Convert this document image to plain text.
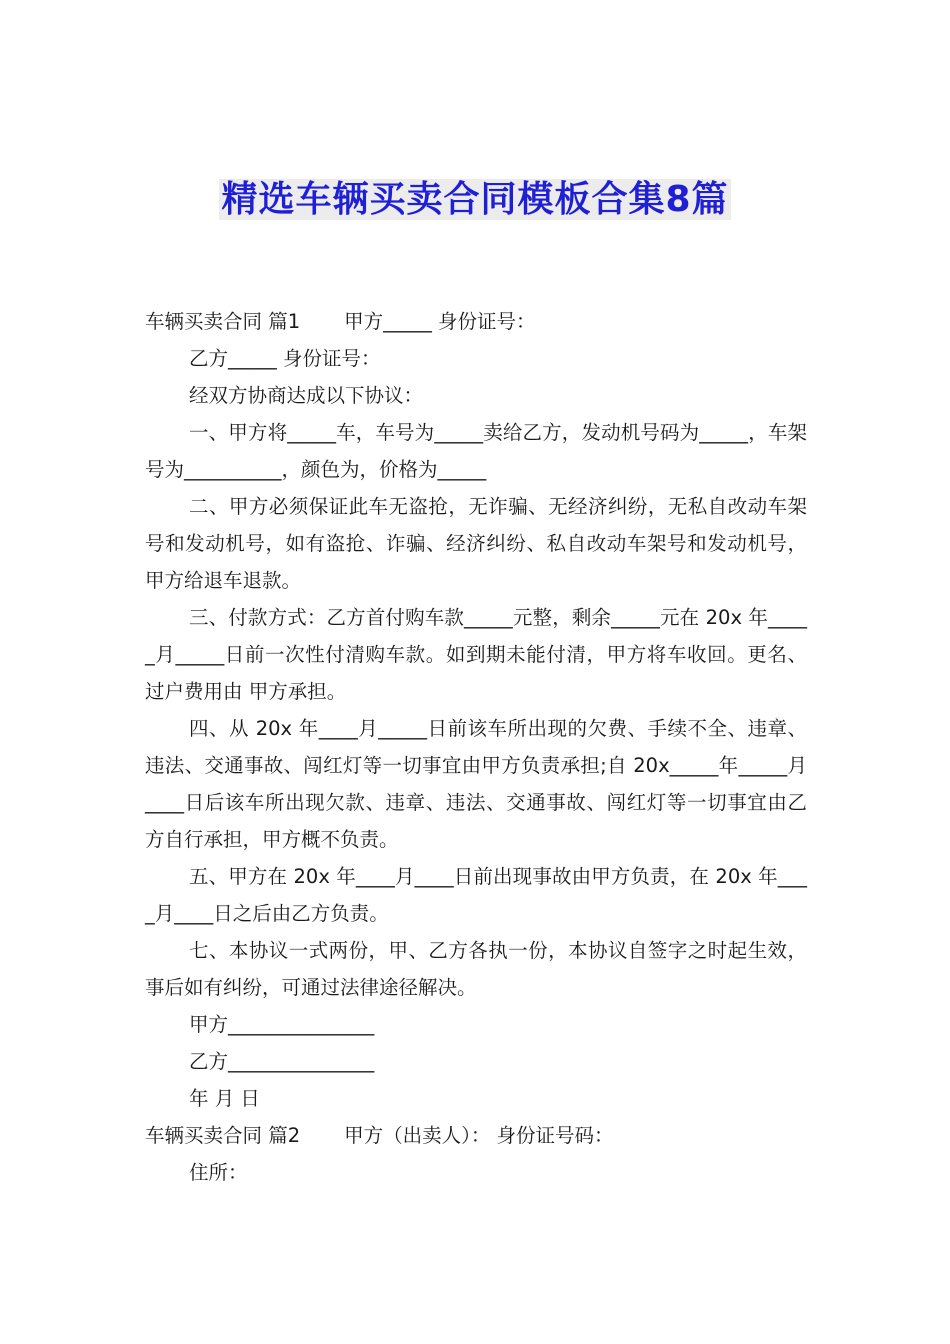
精选车辆买卖合同模板合集8篇

车辆买卖合同 篇1 甲方_____ 身份证号：

乙方_____ 身份证号：

经双方协商达成以下协议：

一、甲方将_____车，车号为_____卖给乙方，发动机号码为_____，车架号为__________，颜色为，价格为_____

二、甲方必须保证此车无盗抢，无诈骗、无经济纠纷，无私自改动车架号和发动机号，如有盗抢、诈骗、经济纠纷、私自改动车架号和发动机号，甲方给退车退款。

三、付款方式：乙方首付购车款_____元整，剩余_____元在 20x 年_____月_____日前一次性付清购车款。如到期未能付清，甲方将车收回。更名、过户费用由 甲方承担。

四、从 20x 年____月_____日前该车所出现的欠费、手续不全、违章、违法、交通事故、闯红灯等一切事宜由甲方负责承担;自 20x_____年_____月____日后该车所出现欠款、违章、违法、交通事故、闯红灯等一切事宜由乙方自行承担，甲方概不负责。

五、甲方在 20x 年____月____日前出现事故由甲方负责，在 20x 年____月____日之后由乙方负责。

七、本协议一式两份，甲、乙方各执一份，本协议自签字之时起生效，事后如有纠纷，可通过法律途径解决。

甲方_______________

乙方_______________

年 月 日

车辆买卖合同 篇2 甲方（出卖人）： 身份证号码：

住所：
